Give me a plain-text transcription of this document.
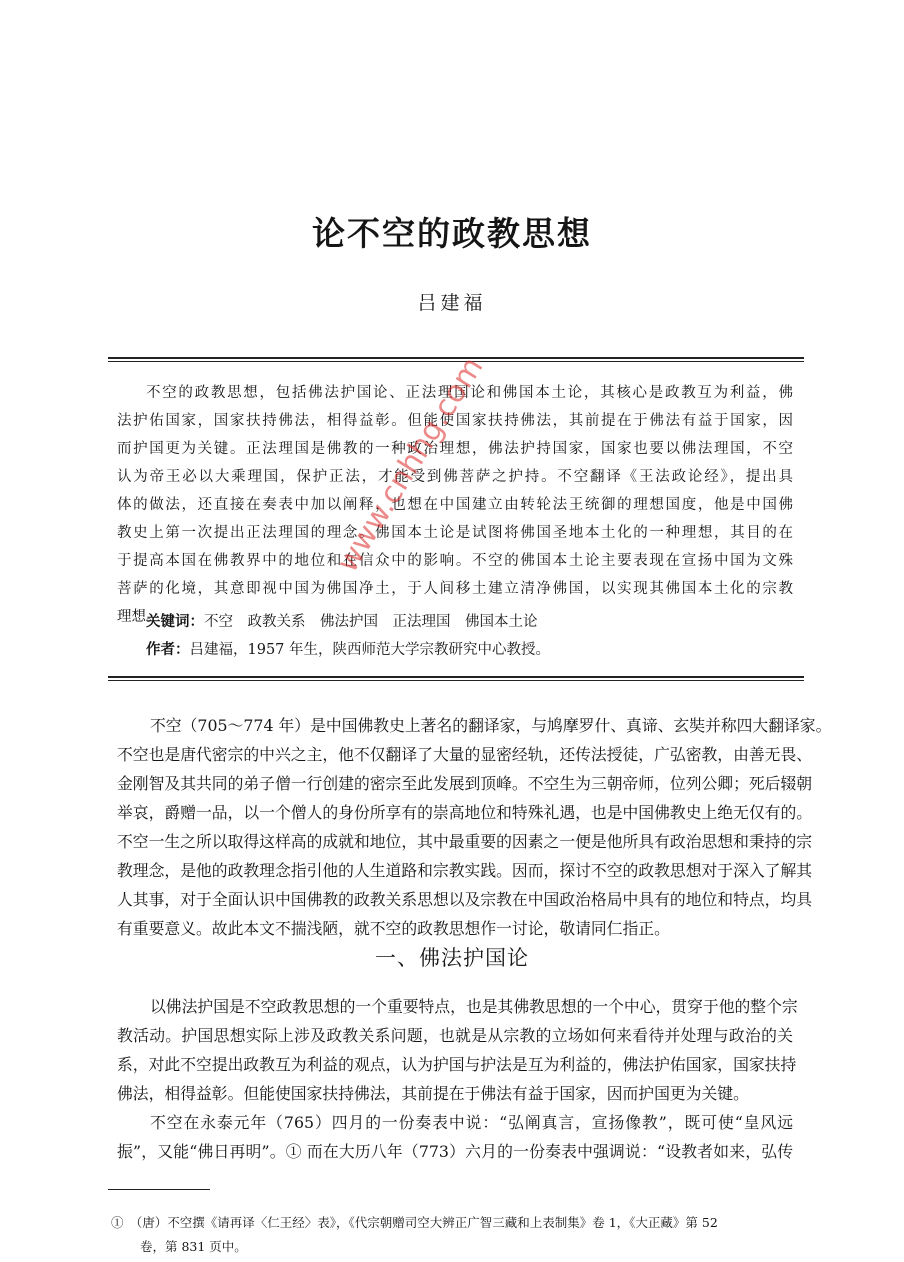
论不空的政教思想
吕建福
不空的政教思想，包括佛法护国论、正法理国论和佛国本土论，其核心是政教互为利益，佛
法护佑国家，国家扶持佛法，相得益彰。但能使国家扶持佛法，其前提在于佛法有益于国家，因
而护国更为关键。正法理国是佛教的一种政治理想，佛法护持国家，国家也要以佛法理国，不空
认为帝王必以大乘理国，保护正法，才能受到佛菩萨之护持。不空翻译《王法政论经》，提出具
体的做法，还直接在奏表中加以阐释，也想在中国建立由转轮法王统御的理想国度，他是中国佛
教史上第一次提出正法理国的理念。佛国本土论是试图将佛国圣地本土化的一种理想，其目的在
于提高本国在佛教界中的地位和在信众中的影响。不空的佛国本土论主要表现在宣扬中国为文殊
菩萨的化境，其意即视中国为佛国净土，于人间移土建立清净佛国，以实现其佛国本土化的宗教
理想。
关键词：不空　政教关系　佛法护国　正法理国　佛国本土论
作者：吕建福，1957 年生，陕西师范大学宗教研究中心教授。
不空（705～774 年）是中国佛教史上著名的翻译家，与鸠摩罗什、真谛、玄奘并称四大翻译家。
不空也是唐代密宗的中兴之主，他不仅翻译了大量的显密经轨，还传法授徒，广弘密教，由善无畏、
金刚智及其共同的弟子僧一行创建的密宗至此发展到顶峰。不空生为三朝帝师，位列公卿；死后辍朝
举哀，爵赠一品，以一个僧人的身份所享有的崇高地位和特殊礼遇，也是中国佛教史上绝无仅有的。
不空一生之所以取得这样高的成就和地位，其中最重要的因素之一便是他所具有政治思想和秉持的宗
教理念，是他的政教理念指引他的人生道路和宗教实践。因而，探讨不空的政教思想对于深入了解其
人其事，对于全面认识中国佛教的政教关系思想以及宗教在中国政治格局中具有的地位和特点，均具
有重要意义。故此本文不揣浅陋，就不空的政教思想作一讨论，敬请同仁指正。
一、佛法护国论
以佛法护国是不空政教思想的一个重要特点，也是其佛教思想的一个中心，贯穿于他的整个宗
教活动。护国思想实际上涉及政教关系问题，也就是从宗教的立场如何来看待并处理与政治的关
系，对此不空提出政教互为利益的观点，认为护国与护法是互为利益的，佛法护佑国家，国家扶持
佛法，相得益彰。但能使国家扶持佛法，其前提在于佛法有益于国家，因而护国更为关键。
不空在永泰元年（765）四月的一份奏表中说：“弘阐真言，宣扬像教”，既可使“皇风远
振”，又能“佛日再明”。① 而在大历八年（773）六月的一份奏表中强调说：“设教者如来，弘传
①　（唐）不空撰《请再译〈仁王经〉表》，《代宗朝赠司空大辨正广智三藏和上表制集》卷 1，《大正藏》第 52
卷，第 831 页中。
www.cnhhg.com
